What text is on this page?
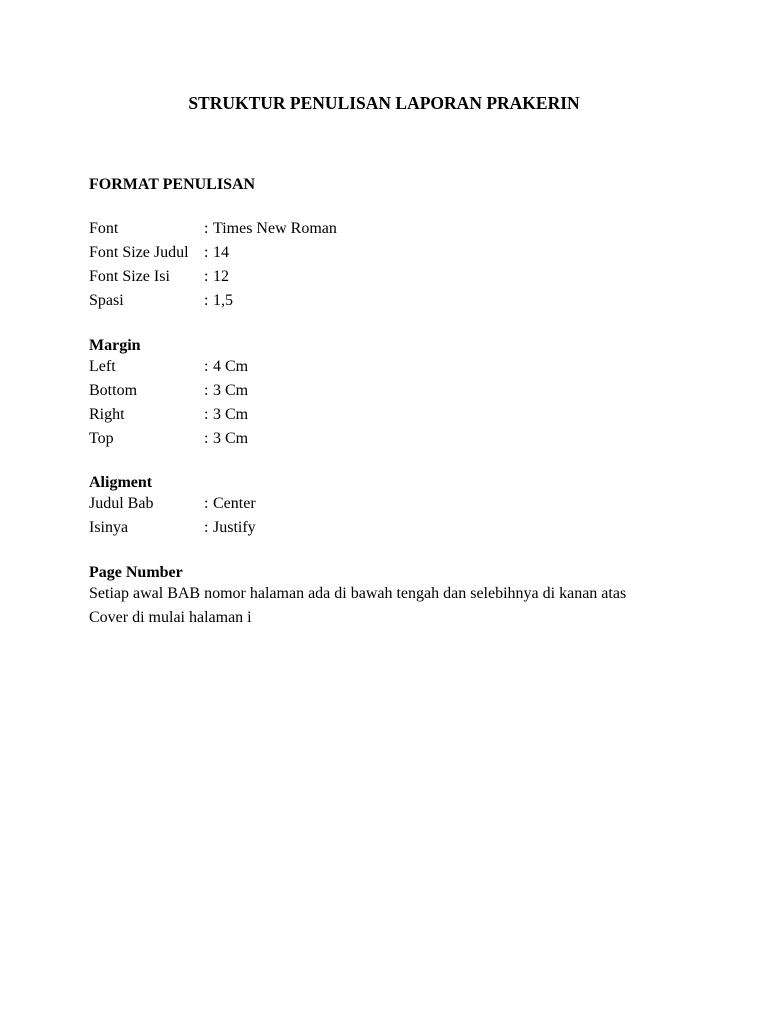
STRUKTUR PENULISAN LAPORAN PRAKERIN
FORMAT PENULISAN
Font	: Times New Roman
Font Size Judul : 14
Font Size Isi : 12
Spasi	: 1,5
Margin
Left	: 4 Cm
Bottom	: 3 Cm
Right	: 3 Cm
Top	: 3 Cm
Aligment
Judul Bab	: Center
Isinya	: Justify
Page Number
Setiap awal BAB nomor halaman ada di bawah tengah dan selebihnya di kanan atas
Cover di mulai halaman i
